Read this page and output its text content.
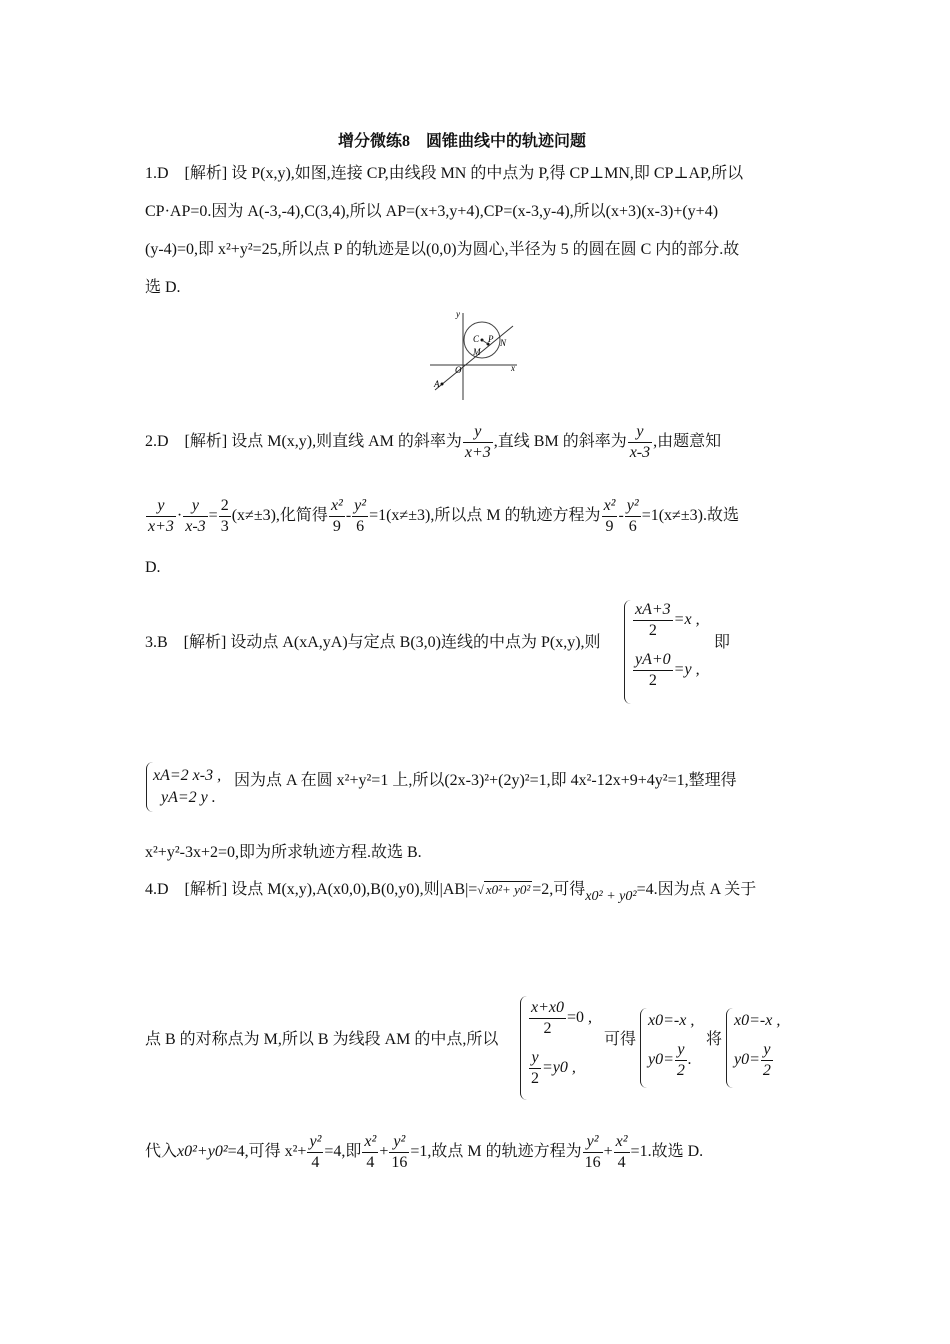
增分微练8　圆锥曲线中的轨迹问题
1.D　[解析] 设 P(x,y),如图,连接 CP,由线段 MN 的中点为 P,得 CP⊥MN,即 CP⊥AP,所以
CP·AP=0.因为 A(-3,-4),C(3,4),所以 AP=(x+3,y+4),CP=(x-3,y-4),所以(x+3)(x-3)+(y+4)
(y-4)=0,即 x²+y²=25,所以点 P 的轨迹是以(0,0)为圆心,半径为 5 的圆在圆 C 内的部分.故
选 D.
y
C P N
M
O	x
A
2.D　[解析] 设点 M(x,y),则直线 AM 的斜率为 $\frac{y}{x+3}$ ,直线 BM 的斜率为 $\frac{y}{x-3}$ ,由题意知
$\frac{y}{x+3} \cdot \frac{y}{x-3} = \frac{2}{3} (x\ne\pm 3)$,化简得 $\frac{\text{x²}}{9} - \frac{\text{y²}}{6} =1(x\ne\pm 3)$,所以点 M 的轨迹方程为 $\frac{\text{x²}}{9} - \frac{\text{y²}}{6} =1(x\ne\pm 3)$.故选
D.
3.B　[解析] 设动点 A(xA,yA)与定点 B(3,0)连线的中点为 P(x,y),则
$\frac{xA+3}{2} =x$ ,
$\frac{yA+0}{2} =y$ ,
即
xA=2 x-3 ,
yA=2 y .
因为点 A 在圆 x²+y²=1 上,所以(2x-3)²+(2y)²=1,即 4x²-12x+9+4y²=1,整理得
x²+y²-3x+2=0,即为所求轨迹方程.故选 B.
4.D　[解析] 设点 M(x,y),A(x0,0),B(0,y0),则|AB|=√ x0²+ y0² =2,可得x0² + y0²=4.因为点 A 关于
点 B 的对称点为 M,所以 B 为线段 AM 的中点,所以
$\frac{x+x0}{2} =0$ ,
$\frac{y}{2} =y0$ ,
可得
x0=-x ,
$y0= \frac{y}{2}$ .
将
x0=-x ,
$y0= \frac{y}{2}$
代入x0²+y0²=4,可得 $x^2+ \frac{\text{y²}}{4} =4$,即 $\frac{\text{x²}}{4} + \frac{\text{y²}}{16} =1$,故点 M 的轨迹方程为 $\frac{\text{y²}}{16} + \frac{\text{x²}}{4} =1$.故选 D.
